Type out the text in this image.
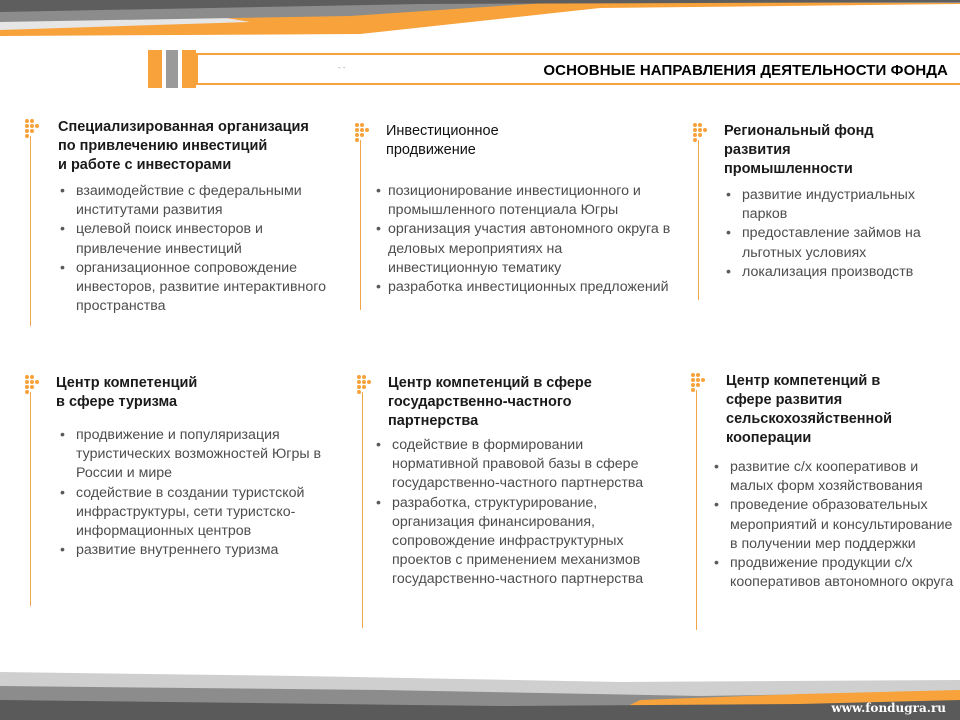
- -	ОСНОВНЫЕ НАПРАВЛЕНИЯ ДЕЯТЕЛЬНОСТИ ФОНДА
Специализированная организация
по привлечению инвестиций
и работе с инвесторами
• взаимодействие с федеральными институтами развития
• целевой поиск инвесторов и привлечение инвестиций
• организационное сопровождение инвесторов, развитие интерактивного пространства
Инвестиционное
продвижение
• позиционирование инвестиционного и промышленного потенциала Югры
• организация участия автономного округа в деловых мероприятиях на инвестиционную тематику
• разработка инвестиционных предложений
Региональный фонд
развития
промышленности
• развитие индустриальных парков
• предоставление займов на льготных условиях
• локализация производств
Центр компетенций
в сфере туризма
• продвижение и популяризация туристических возможностей Югры в России и мире
• содействие в создании туристской инфраструктуры, сети туристско-информационных центров
• развитие внутреннего туризма
Центр компетенций в сфере
государственно-частного
партнерства
• содействие в формировании нормативной правовой базы в сфере государственно-частного партнерства
• разработка, структурирование, организация финансирования, сопровождение инфраструктурных проектов с применением механизмов государственно-частного партнерства
Центр компетенций в
сфере развития
сельскохозяйственной
кооперации
• развитие с/х кооперативов и малых форм хозяйствования
• проведение образовательных мероприятий и консультирование в получении мер поддержки
• продвижение продукции с/х кооперативов автономного округа
www.fondugra.ru
